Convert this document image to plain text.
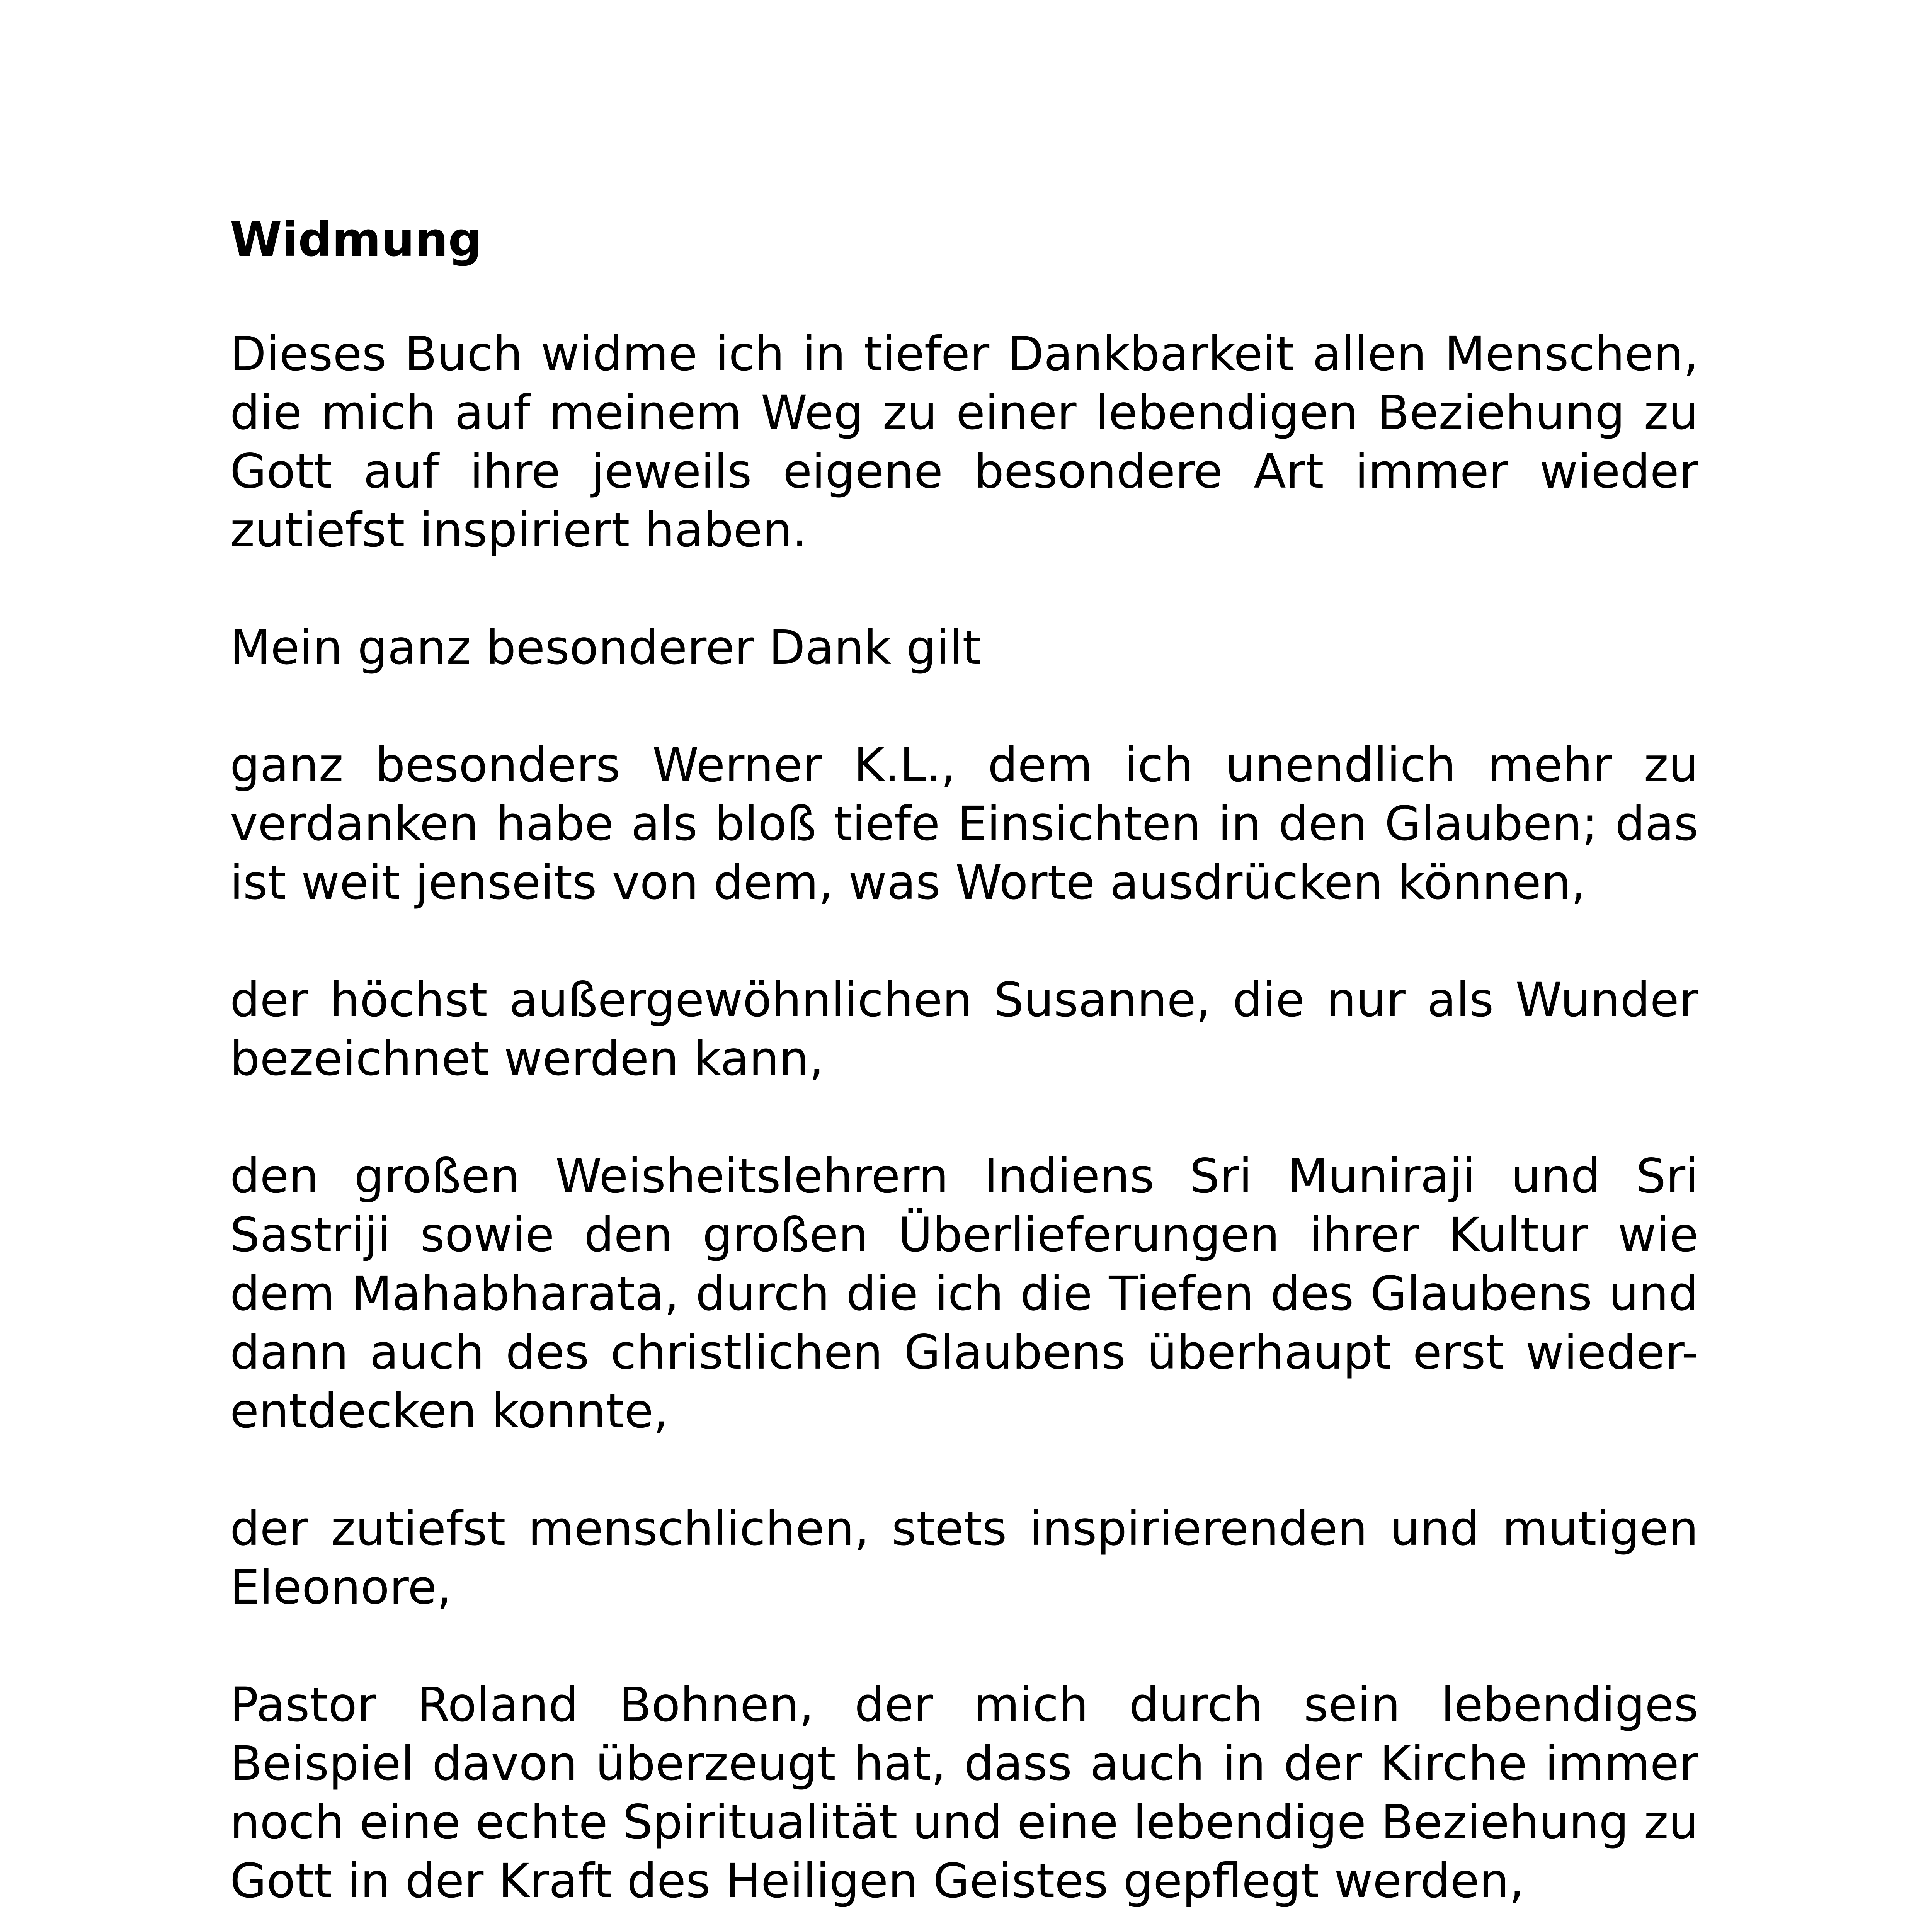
Widmung

Dieses Buch widme ich in tiefer Dankbarkeit allen Menschen, die mich auf meinem Weg zu einer lebendigen Beziehung zu Gott auf ihre jeweils eigene besondere Art immer wieder zutiefst inspiriert haben.

Mein ganz besonderer Dank gilt

ganz besonders Werner K.L., dem ich unendlich mehr zu verdanken habe als bloß tiefe Einsichten in den Glauben; das ist weit jenseits von dem, was Worte ausdrücken können,

der höchst außergewöhnlichen Susanne, die nur als Wunder bezeichnet werden kann,

den großen Weisheitslehrern Indiens Sri Muniraji und Sri Sastriji sowie den großen Überlieferungen ihrer Kultur wie dem Mahabharata, durch die ich die Tiefen des Glaubens und dann auch des christlichen Glaubens überhaupt erst wieder-entdecken konnte,

der zutiefst menschlichen, stets inspirierenden und mutigen Eleonore,

Pastor Roland Bohnen, der mich durch sein lebendiges Beispiel davon überzeugt hat, dass auch in der Kirche immer noch eine echte Spiritualität und eine lebendige Beziehung zu Gott in der Kraft des Heiligen Geistes gepflegt werden,
